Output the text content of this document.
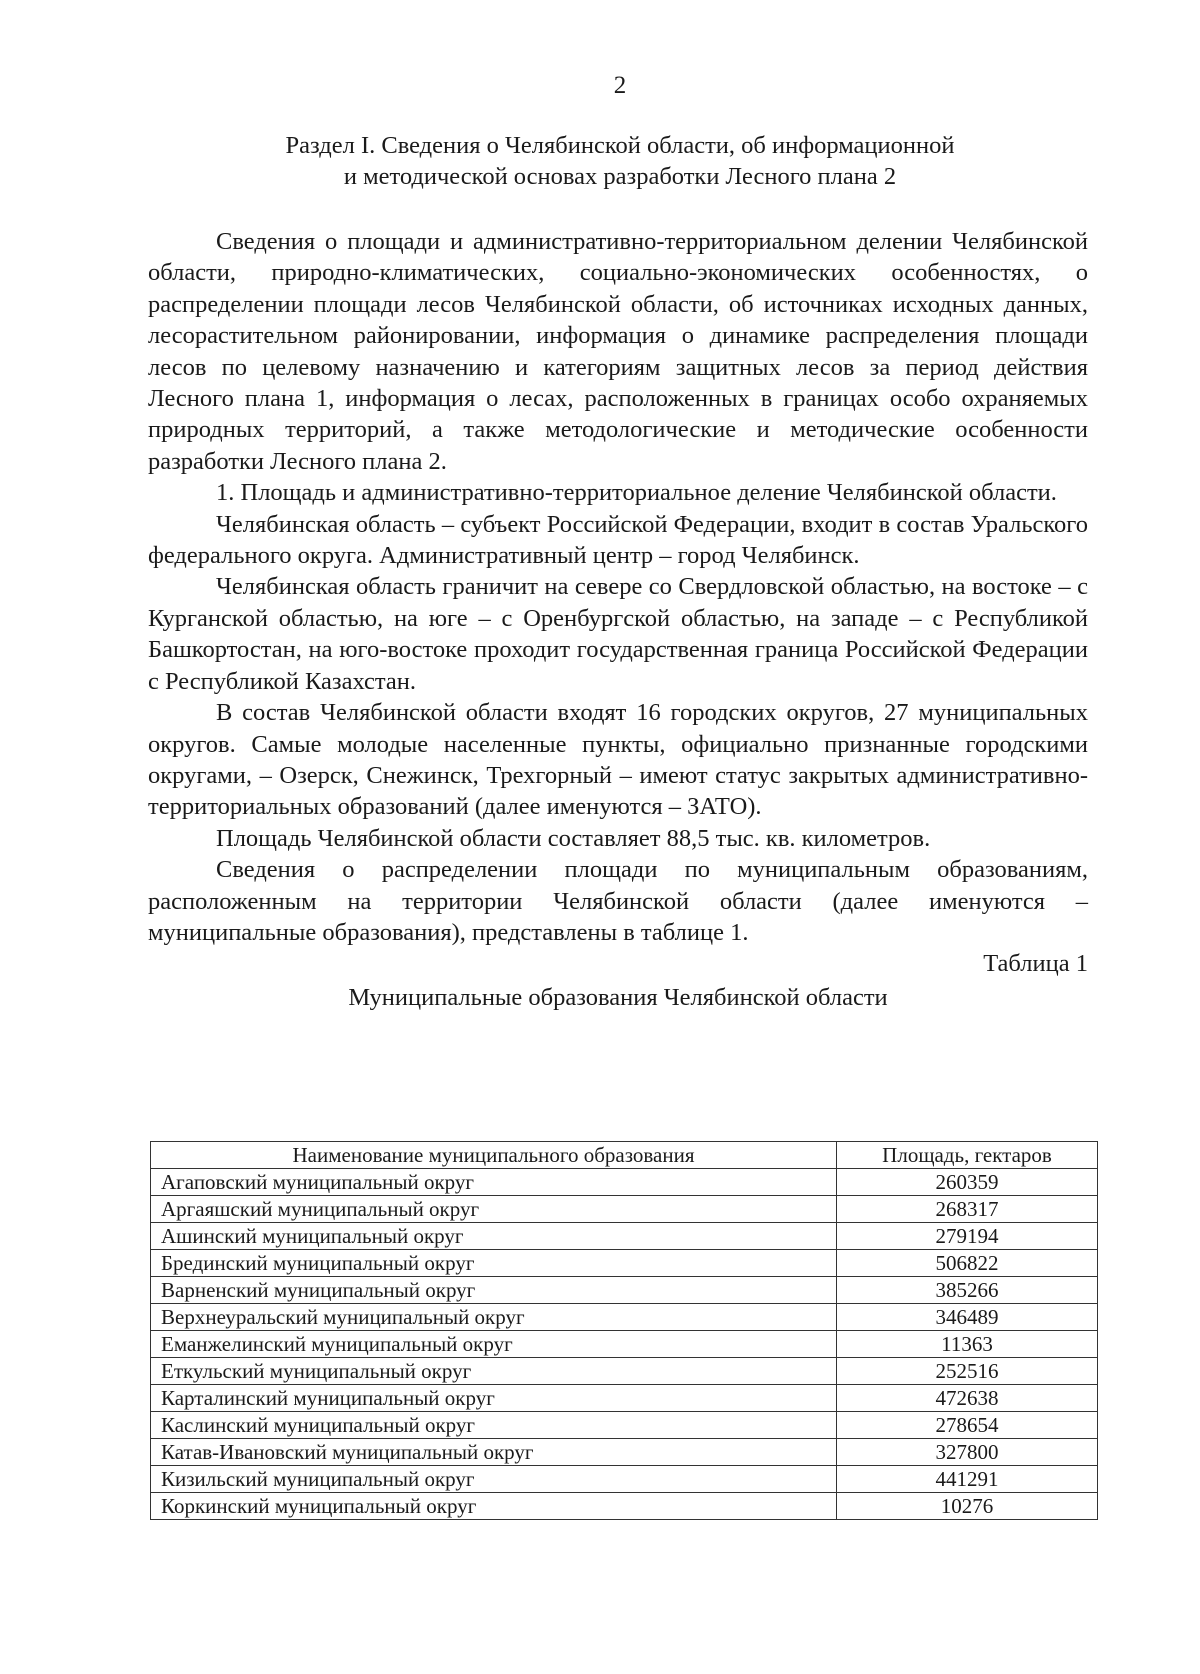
2
Раздел I. Сведения о Челябинской области, об информационной
и методической основах разработки Лесного плана 2

Сведения о площади и административно-территориальном делении Челябинской области, природно-климатических, социально-экономических особенностях, о распределении площади лесов Челябинской области, об источниках исходных данных, лесорастительном районировании, информация о динамике распределения площади лесов по целевому назначению и категориям защитных лесов за период действия Лесного плана 1, информация о лесах, расположенных в границах особо охраняемых природных территорий, а также методологические и методические особенности разработки Лесного плана 2.

1. Площадь и административно-территориальное деление Челябинской области.

Челябинская область – субъект Российской Федерации, входит в состав Уральского федерального округа. Административный центр – город Челябинск.

Челябинская область граничит на севере со Свердловской областью, на востоке – с Курганской областью, на юге – с Оренбургской областью, на западе – с Республикой Башкортостан, на юго-востоке проходит государственная граница Российской Федерации с Республикой Казахстан.

В состав Челябинской области входят 16 городских округов, 27 муниципальных округов. Самые молодые населенные пункты, официально признанные городскими округами, – Озерск, Снежинск, Трехгорный – имеют статус закрытых административно-территориальных образований (далее именуются – ЗАТО).

Площадь Челябинской области составляет 88,5 тыс. кв. километров.

Сведения о распределении площади по муниципальным образованиям, расположенным на территории Челябинской области (далее именуются – муниципальные образования), представлены в таблице 1.

Таблица 1

Муниципальные образования Челябинской области

Наименование муниципального образования	Площадь, гектаров
Агаповский муниципальный округ	260359
Аргаяшский муниципальный округ	268317
Ашинский муниципальный округ	279194
Брединский муниципальный округ	506822
Варненский муниципальный округ	385266
Верхнеуральский муниципальный округ	346489
Еманжелинский муниципальный округ	11363
Еткульский муниципальный округ	252516
Карталинский муниципальный округ	472638
Каслинский муниципальный округ	278654
Катав-Ивановский муниципальный округ	327800
Кизильский муниципальный округ	441291
Коркинский муниципальный округ	10276
